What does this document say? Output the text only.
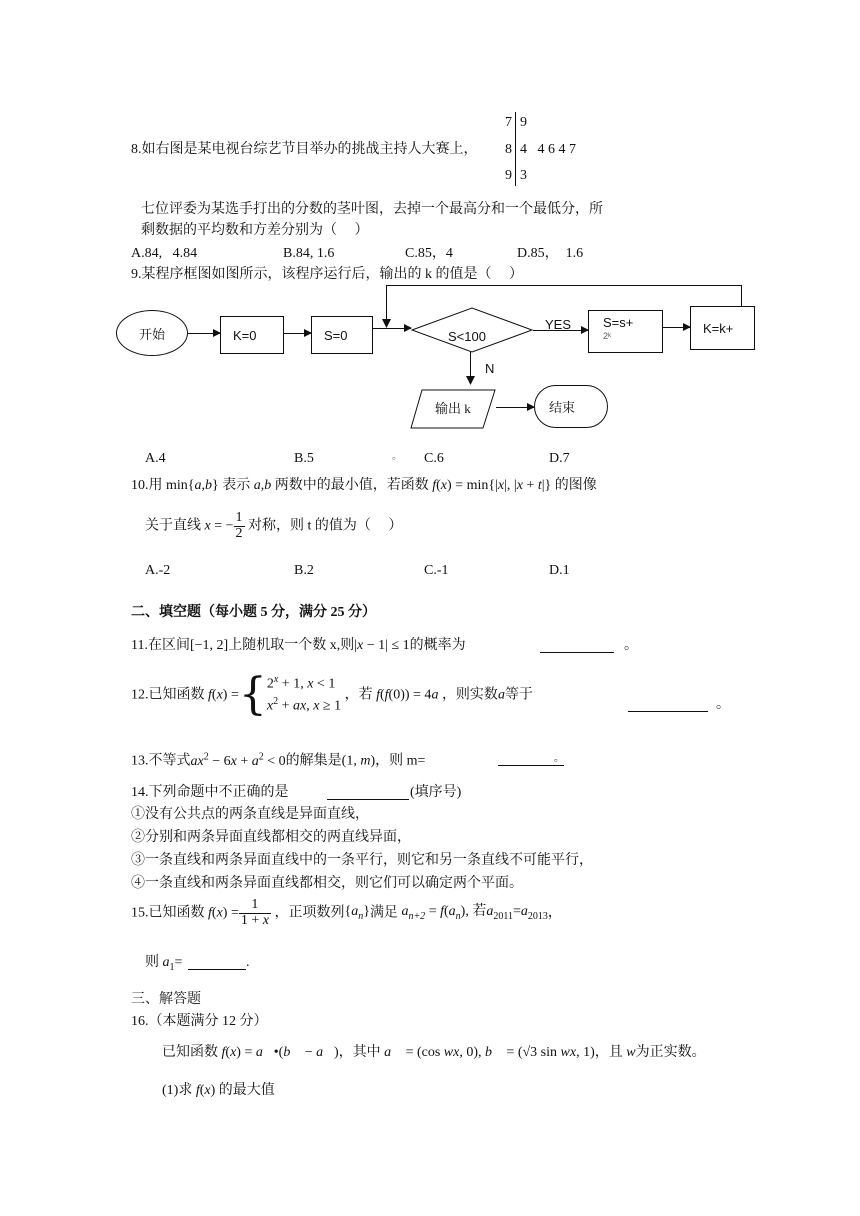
7 9
8 4   4 6 4 7
9 3
8.如右图是某电视台综艺节目举办的挑战主持人大赛上，
七位评委为某选手打出的分数的茎叶图，去掉一个最高分和一个最低分，所
剩数据的平均数和方差分别为（     ）
A.84,   4.84	B.84, 1.6	C.85，4	D.85，  1.6
9.某程序框图如图所示，该程序运行后，输出的 k 的值是（     ）
开始	K=0	S=0	S<100
YES S=s+
2ᵏ
K=k+
N
输出 k	结束
A.4	B.5	。 C.6	D.7
10.用 min{a,b} 表示 a,b 两数中的最小值，若函数 f(x) = min{|x|, |x + t|} 的图像
关于直线 x = − $\frac{1}{2}$ 对称，则 t 的值为（     ）
A.-2	B.2	C.-1	D.1
二、填空题（每小题 5 分，满分 25 分）
11.在区间[−1, 2]上随机取一个数 x,则|x − 1| ≤ 1的概率为	。
12.已知函数 f(x) ={ $2^x + 1$, x < 1
$x^2$ + ax, x ≥ 1
，若 f(f(0)) = 4a ，则实数a等于
。
13.不等式$ax^2 - 6x + a^2 < 0$的解集是(1, m)，则 m=	。
14.下列命题中不正确的是	(填序号)
①没有公共点的两条直线是异面直线，
②分别和两条异面直线都相交的两直线异面，
③一条直线和两条异面直线中的一条平行，则它和另一条直线不可能平行，
④一条直线和两条异面直线都相交，则它们可以确定两个平面。
15.已知函数 $f(x) = \frac{1}{1 + x}$ ，正项数列$\{a_n\}$满足 $a_{n+2} = f(a_n)$, 若$a_{2011}=a_{2013}$，
则 $a_1=$	.
三、解答题
16.（本题满分 12 分）
已知函数 f(x) = a⃗•(b⃗ − a⃗)，其中 a⃗ = (cos wx, 0), b⃗ = (√3 sin wx, 1)，且 w为正实数。
(1)求 f(x) 的最大值
